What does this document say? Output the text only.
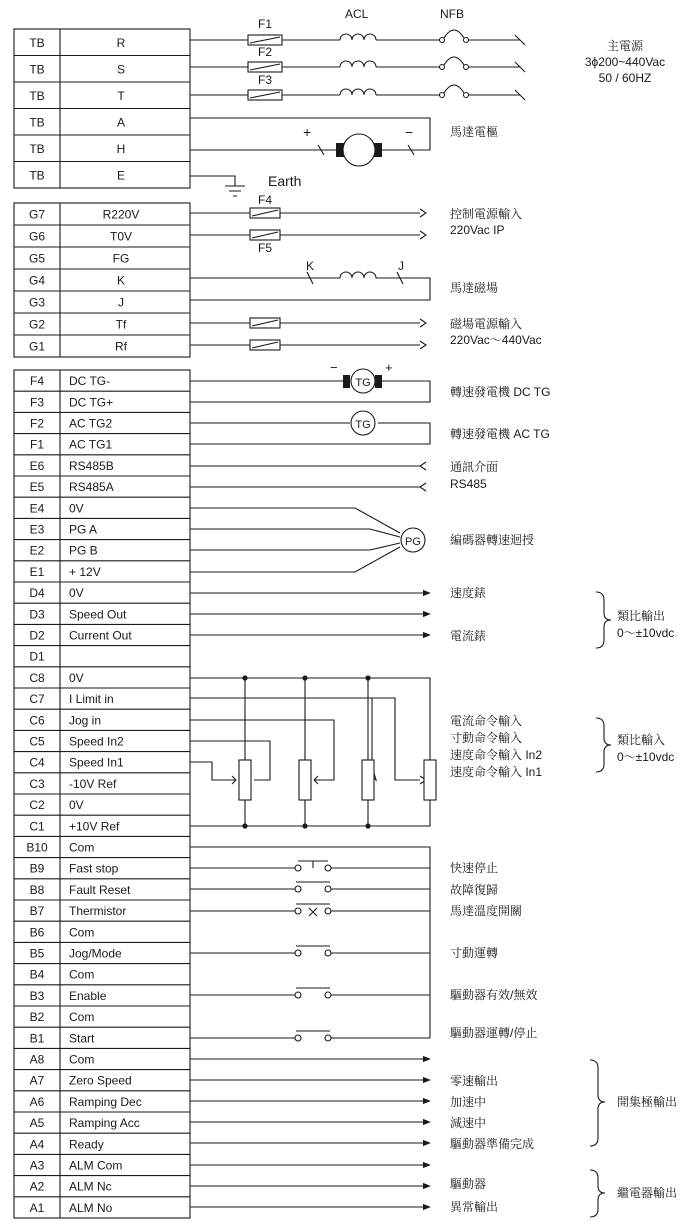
TB	R
TB	S
TB	T
TB	A
TB	H
TB	E
G7	R220V
G6	T0V
G5	FG
G4	K
G3	J
G2	Tf
G1	Rf
F4 DC TG-
F3 DC TG+
F2 AC TG2
F1 AC TG1
E6 RS485B
E5 RS485A
E4 0V
E3 PG A
E2 PG B
E1 + 12V
D4 0V
D3 Speed Out
D2 Current Out
D1
C8 0V
C7 I Limit in
C6 Jog in
C5 Speed In2
C4 Speed In1
C3 -10V Ref
C2 0V
C1 +10V Ref
B10 Com
B9 Fast stop
B8 Fault Reset
B7 Thermistor
B6 Com
B5 Jog/Mode
B4 Com
B3 Enable
B2 Com
B1 Start
A8 Com
A7 Zero Speed
A6 Ramping Dec
A5 Ramping Acc
A4 Ready
A3 ALM Com
A2 ALM Nc
A1 ALM No
F1
F2
F3
ACL	NFB
主電源
3ϕ200~440Vac
50 / 60HZ
+	−	馬達電樞
Earth
F4
F5
控制電源輸入
220Vac IP
K	J
馬達磁場
磁場電源輸入
220Vac～440Vac
TG
−	+
轉速發電機 DC TG
TG
轉速發電機 AC TG
通訊介面
RS485
PG 編碼器轉速迴授
速度錶
電流錶
類比輸出
0～±10vdc
電流命令輸入
寸動命令輸入
速度命令輸入 In2
速度命令輸入 In1
類比輸入
0～±10vdc
快速停止
故障復歸
馬達溫度開關
寸動運轉
驅動器有效/無效
驅動器運轉/停止
零速輸出
加速中
減速中
驅動器準備完成
開集極輸出
驅動器
異常輸出
繼電器輸出
